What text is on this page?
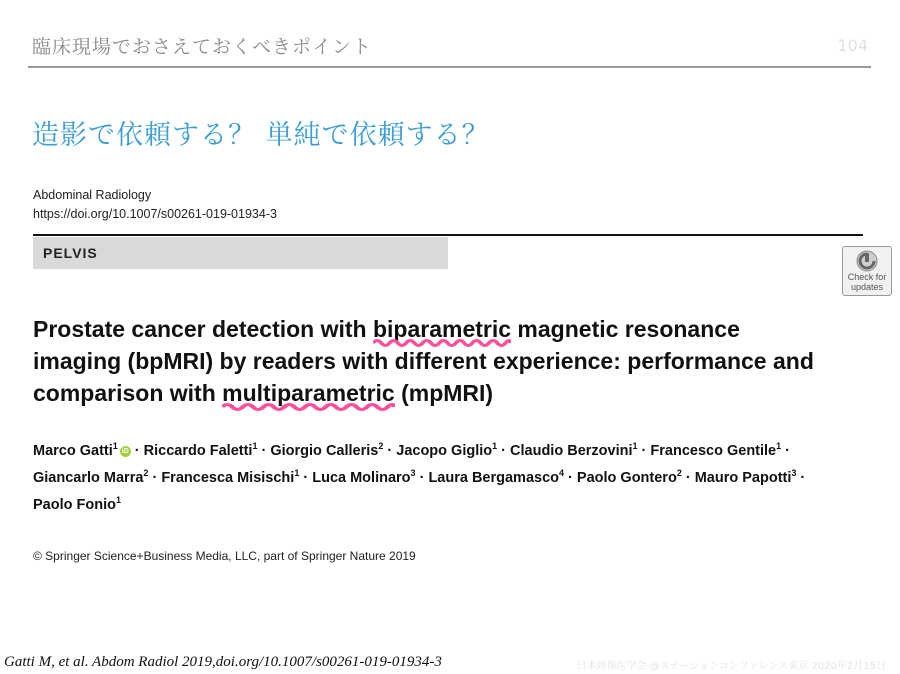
臨床現場でおさえておくべきポイント	104
造影で依頼する？ 単純で依頼する？
Abdominal Radiology
https://doi.org/10.1007/s00261-019-01934-3
PELVIS
Check for
updates
Prostate cancer detection with biparametric
magnetic resonance imaging (bpMRI) by readers with different experience: performance and comparison with multiparametric
(mpMRI)
Marco Gatti$^1$iD · Riccardo Faletti$^1$ · Giorgio Calleris$^2$ · Jacopo Giglio$^1$ · Claudio Berzovini$^1$ · Francesco Gentile$^1$ ·
Giancarlo Marra$^2$ · Francesca Misischi$^1$ · Luca Molinaro$^3$ · Laura Bergamasco$^4$ · Paolo Gontero$^2$ · Mauro Papotti$^3$ ·
Paolo Fonio$^1$
© Springer Science+Business Media, LLC, part of Springer Nature 2019
Gatti M, et al. Abdom Radiol 2019,doi.org/10.1007/s00261-019-01934-3	日本画像医学会 @ステーションコンファレンス東京 2020年2月15日
